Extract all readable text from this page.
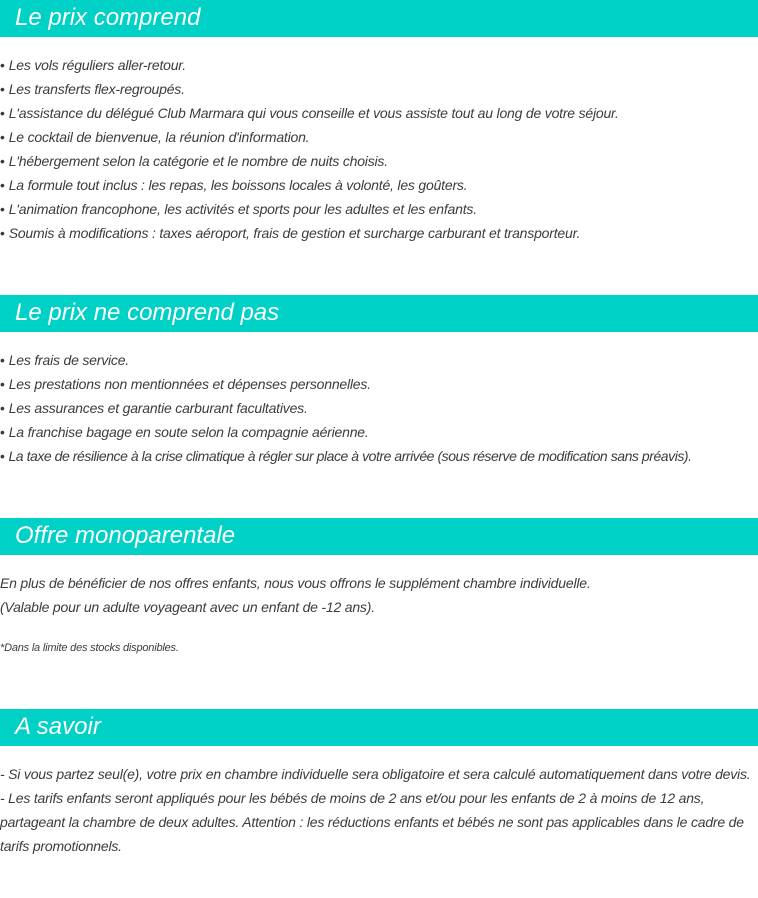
Le prix comprend
• Les vols réguliers aller-retour.
• Les transferts flex-regroupés.
• L'assistance du délégué Club Marmara qui vous conseille et vous assiste tout au long de votre séjour.
• Le cocktail de bienvenue, la réunion d'information.
• L'hébergement selon la catégorie et le nombre de nuits choisis.
• La formule tout inclus : les repas, les boissons locales à volonté, les goûters.
• L'animation francophone, les activités et sports pour les adultes et les enfants.
• Soumis à modifications : taxes aéroport, frais de gestion et surcharge carburant et transporteur.
Le prix ne comprend pas
• Les frais de service.
• Les prestations non mentionnées et dépenses personnelles.
• Les assurances et garantie carburant facultatives.
• La franchise bagage en soute selon la compagnie aérienne.
• La taxe de résilience à la crise climatique à régler sur place à votre arrivée (sous réserve de modification sans préavis).
Offre monoparentale

En plus de bénéficier de nos offres enfants, nous vous offrons le supplément chambre individuelle.

(Valable pour un adulte voyageant avec un enfant de -12 ans).

*Dans la limite des stocks disponibles.

A savoir

- Si vous partez seul(e), votre prix en chambre individuelle sera obligatoire et sera calculé automatiquement dans votre devis.

- Les tarifs enfants seront appliqués pour les bébés de moins de 2 ans et/ou pour les enfants de 2 à moins de 12 ans, partageant la chambre de deux adultes. Attention : les réductions enfants et bébés ne sont pas applicables dans le cadre de tarifs promotionnels.
